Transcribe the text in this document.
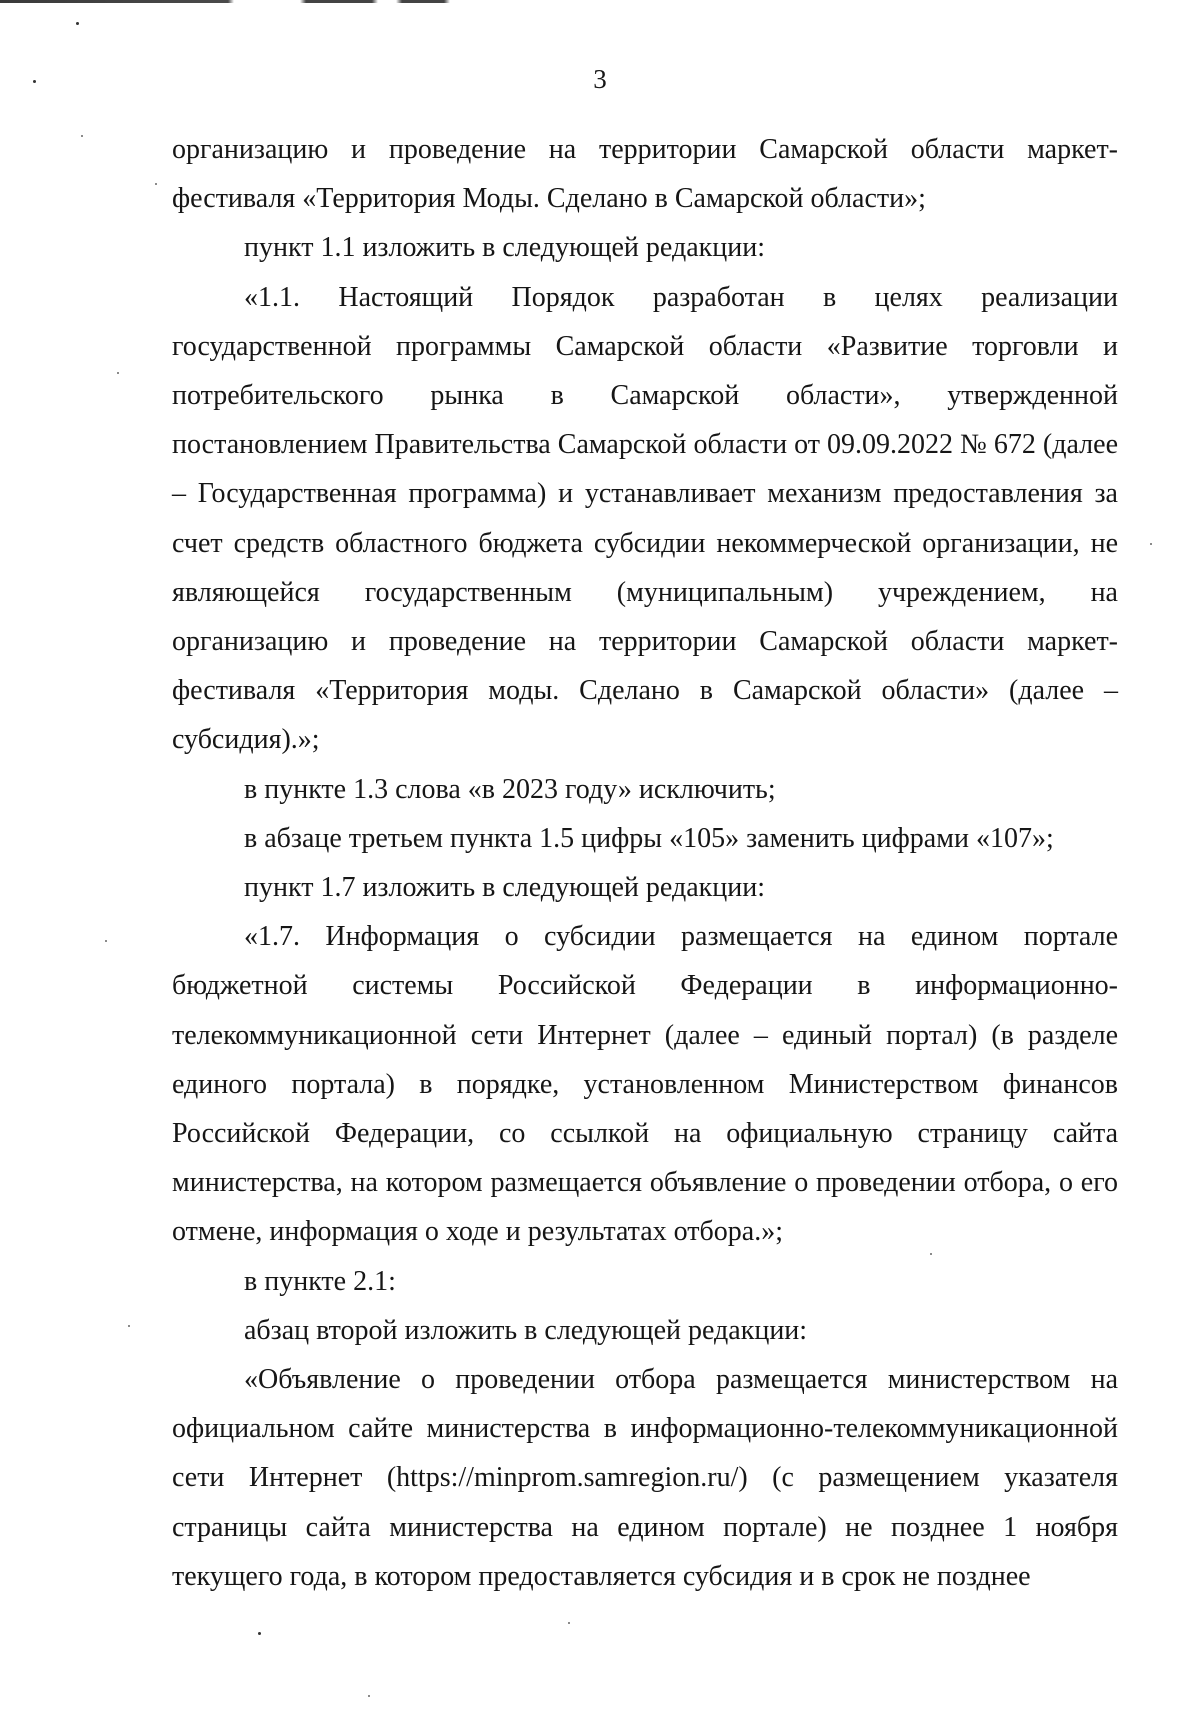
3

организацию и проведение на территории Самарской области маркет-фестиваля «Территория Моды. Сделано в Самарской области»;

пункт 1.1 изложить в следующей редакции:

«1.1. Настоящий Порядок разработан в целях реализации государственной программы Самарской области «Развитие торговли и потребительского рынка в Самарской области», утвержденной постановлением Правительства Самарской области от 09.09.2022 № 672 (далее – Государственная программа) и устанавливает механизм предоставления за счет средств областного бюджета субсидии некоммерческой организации, не являющейся государственным (муниципальным) учреждением, на организацию и проведение на территории Самарской области маркет-фестиваля «Территория моды. Сделано в Самарской области» (далее – субсидия).»;

в пункте 1.3 слова «в 2023 году» исключить;

в абзаце третьем пункта 1.5 цифры «105» заменить цифрами «107»;

пункт 1.7 изложить в следующей редакции:

«1.7. Информация о субсидии размещается на едином портале бюджетной системы Российской Федерации в информационно-телекоммуникационной сети Интернет (далее – единый портал) (в разделе единого портала) в порядке, установленном Министерством финансов Российской Федерации, со ссылкой на официальную страницу сайта министерства, на котором размещается объявление о проведении отбора, о его отмене, информация о ходе и результатах отбора.»;

в пункте 2.1:

абзац второй изложить в следующей редакции:

«Объявление о проведении отбора размещается министерством на официальном сайте министерства в информационно-телекоммуникационной сети Интернет (https://minprom.samregion.ru/) (с размещением указателя страницы сайта министерства на едином портале) не позднее 1 ноября текущего года, в котором предоставляется субсидия и в срок не позднее
